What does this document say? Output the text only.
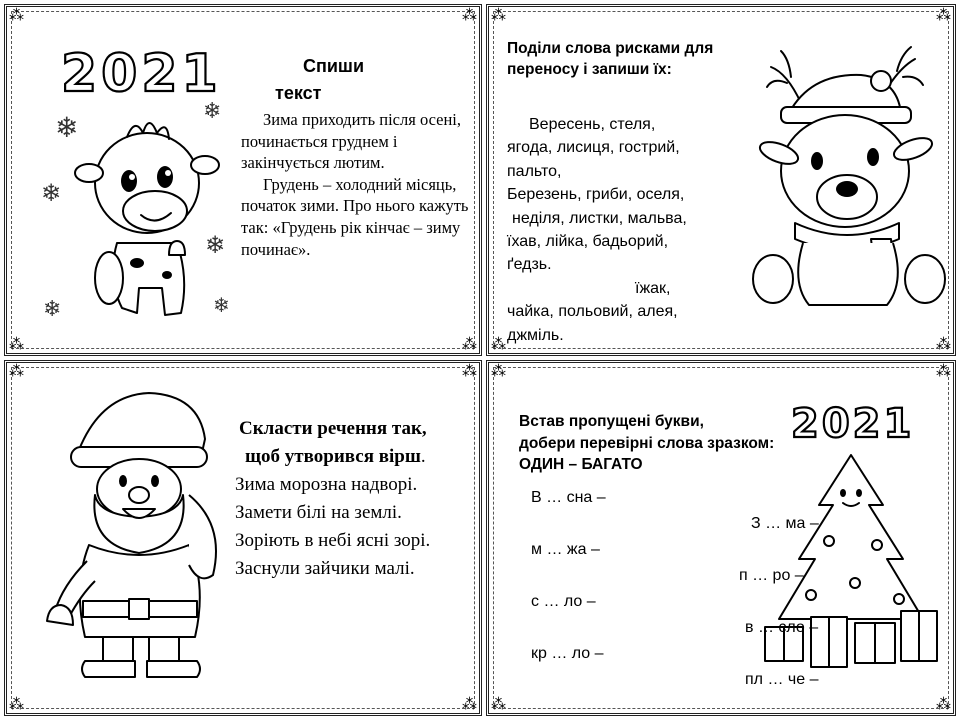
⁂	⁂
⁂	⁂
2021
❄
❄
❄
❄
❄
❄
Спиши текст
Зима приходить після осені, починається груднем і закінчується лютим.
Грудень – холодний місяць, початок зими. Про нього кажуть так: «Грудень рік кінчає – зиму починає».
⁂	⁂
⁂	⁂
Поділи слова рисками для переносу і запиши їх:
Вересень, стеля,
ягода, лисиця, гострий,
пальто,
Березень, гриби, оселя,
неділя, листки, мальва,
їхав, лійка, бадьорий,
ґедзь.
їжак,
чайка, польовий, алея,
джміль.
⁂	⁂
⁂	⁂
Скласти речення так,
щоб утворився вірш.
Зима морозна надворі.
Замети білі на землі.
Зоріють в небі ясні зорі.
Заснули зайчики малі.
⁂	⁂
⁂	⁂
2021
Встав пропущені букви,
добери перевірні слова зразком:
ОДИН – БАГАТО
В … сна –
З … ма –
м … жа –
п … ро –
с … ло –
в … сло –
кр … ло –
пл … че –
